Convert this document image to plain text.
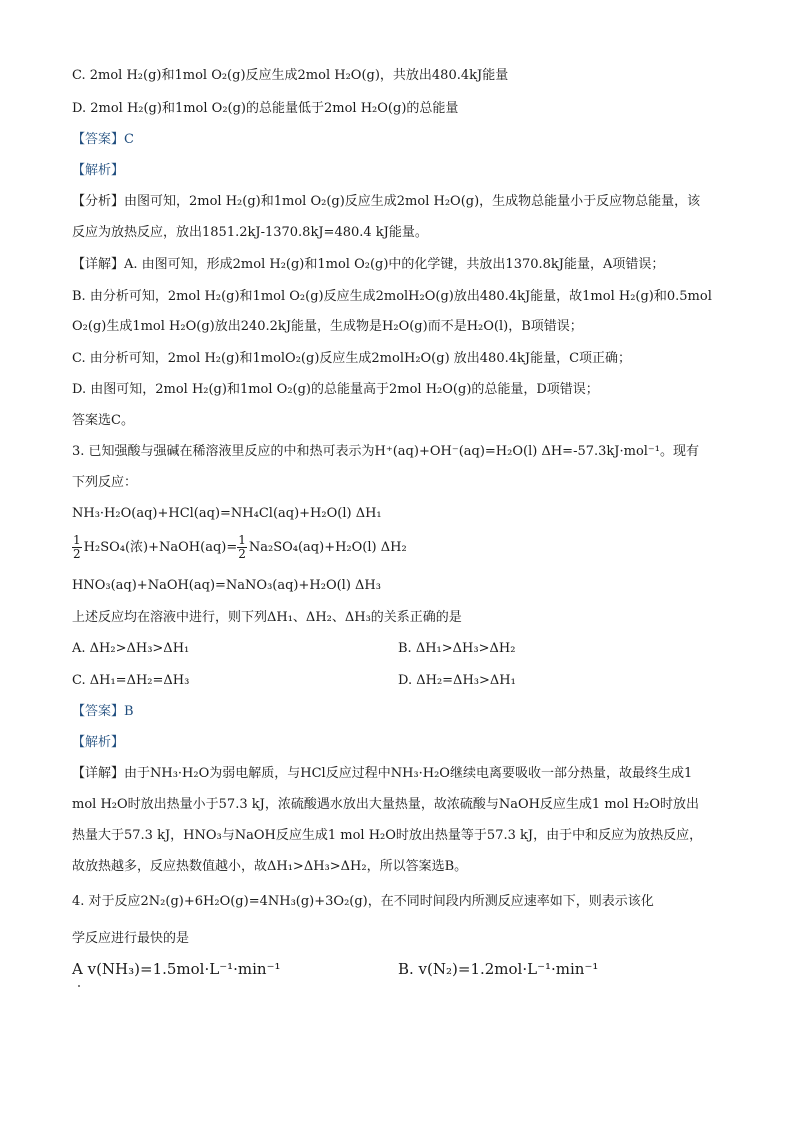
C. 2mol H₂(g)和1mol O₂(g)反应生成2mol H₂O(g)，共放出480.4kJ能量
D. 2mol H₂(g)和1mol O₂(g)的总能量低于2mol H₂O(g)的总能量
【答案】C
【解析】
【分析】由图可知，2mol H₂(g)和1mol O₂(g)反应生成2mol H₂O(g)，生成物总能量小于反应物总能量，该
反应为放热反应，放出1851.2kJ-1370.8kJ=480.4 kJ能量。
【详解】A. 由图可知，形成2mol H₂(g)和1mol O₂(g)中的化学键，共放出1370.8kJ能量，A项错误；
B. 由分析可知，2mol H₂(g)和1mol O₂(g)反应生成2molH₂O(g)放出480.4kJ能量，故1mol H₂(g)和0.5mol
O₂(g)生成1mol H₂O(g)放出240.2kJ能量，生成物是H₂O(g)而不是H₂O(l)，B项错误；
C. 由分析可知，2mol H₂(g)和1molO₂(g)反应生成2molH₂O(g) 放出480.4kJ能量，C项正确；
D. 由图可知，2mol H₂(g)和1mol O₂(g)的总能量高于2mol H₂O(g)的总能量，D项错误；
答案选C。
3. 已知强酸与强碱在稀溶液里反应的中和热可表示为H⁺(aq)+OH⁻(aq)=H₂O(l) ΔH=-57.3kJ·mol⁻¹。现有
下列反应：
NH₃·H₂O(aq)+HCl(aq)=NH₄Cl(aq)+H₂O(l) ΔH₁
$\frac{1}{2} H_2SO_4$(浓)+NaOH(aq)= $\frac{1}{2} Na_2SO_4(aq)+H_2O(l)$ ΔH₂
HNO₃(aq)+NaOH(aq)=NaNO₃(aq)+H₂O(l) ΔH₃
上述反应均在溶液中进行，则下列ΔH₁、ΔH₂、ΔH₃的关系正确的是
A. ΔH₂>ΔH₃>ΔH₁	B. ΔH₁>ΔH₃>ΔH₂
C. ΔH₁=ΔH₂=ΔH₃	D. ΔH₂=ΔH₃>ΔH₁
【答案】B
【解析】
【详解】由于NH₃·H₂O为弱电解质，与HCl反应过程中NH₃·H₂O继续电离要吸收一部分热量，故最终生成1
mol H₂O时放出热量小于57.3 kJ，浓硫酸遇水放出大量热量，故浓硫酸与NaOH反应生成1 mol H₂O时放出
热量大于57.3 kJ，HNO₃与NaOH反应生成1 mol H₂O时放出热量等于57.3 kJ，由于中和反应为放热反应，
故放热越多，反应热数值越小，故ΔH₁>ΔH₃>ΔH₂，所以答案选B。
4. 对于反应2N₂(g)+6H₂O(g)=4NH₃(g)+3O₂(g)，在不同时间段内所测反应速率如下，则表示该化
学反应进行最快的是
A v(NH₃)=1.5mol·L⁻¹·min⁻¹	B. v(N₂)=1.2mol·L⁻¹·min⁻¹
